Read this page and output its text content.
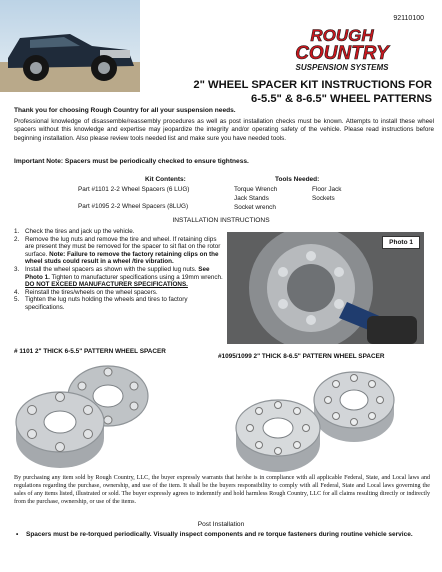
92110100
ROUGH
COUNTRY
SUSPENSION SYSTEMS
2" WHEEL SPACER KIT INSTRUCTIONS FOR
6-5.5" & 8-6.5" WHEEL PATTERNS
Thank you for choosing Rough Country for all your suspension needs.
Professional knowledge of disassemble/reassembly procedures as well as post installation checks must be known. Attempts to install these wheel spacers without this knowledge and expertise may jeopardize the integrity and/or operating safety of the vehicle. Please read instructions before beginning installation. Also please review tools needed list and make sure you have needed tools.
Important Note: Spacers must be periodically checked to ensure tightness.
Kit Contents:
Part #1101 2-2 Wheel Spacers (6 LUG)
Part #1095 2-2 Wheel Spacers (8LUG)
Tools Needed:
Torque Wrench	Floor Jack
Jack Stands	Sockets
Socket wrench
INSTALLATION INSTRUCTIONS
1. Check the tires and jack up the vehicle.
2. Remove the lug nuts and remove the tire and wheel. If retaining clips are present they must be removed for the spacer to sit flat on the rotor surface. Note: Failure to remove the factory retaining clips on the wheel studs could result in a wheel /tire vibration.
3. Install the wheel spacers as shown with the supplied lug nuts. See Photo 1. Tighten to manufacturer specifications using a 19mm wrench. DO NOT EXCEED MANUFACTURER SPECIFICATIONS.
4. Reinstall the tires/wheels on the wheel spacers.
5. Tighten the lug nuts holding the wheels and tires to factory specifications.
Photo 1
# 1101 2" THICK 6-5.5" PATTERN WHEEL SPACER
#1095/1099 2" THICK 8-6.5" PATTERN WHEEL SPACER
By purchasing any item sold by Rough Country, LLC, the buyer expressly warrants that he/she is in compliance with all applicable Federal, State, and Local laws and regulations regarding the purchase, ownership, and use of the item. It shall be the buyers responsibility to comply with all Federal, State and Local laws governing the sales of any items listed, illustrated or sold. The buyer expressly agrees to indemnify and hold harmless Rough Country, LLC for all claims resulting directly or indirectly from the purchase, ownership, or use of the items.
Post Installation
• Spacers must be re-torqued periodically. Visually inspect components and re torque fasteners during routine vehicle service.
